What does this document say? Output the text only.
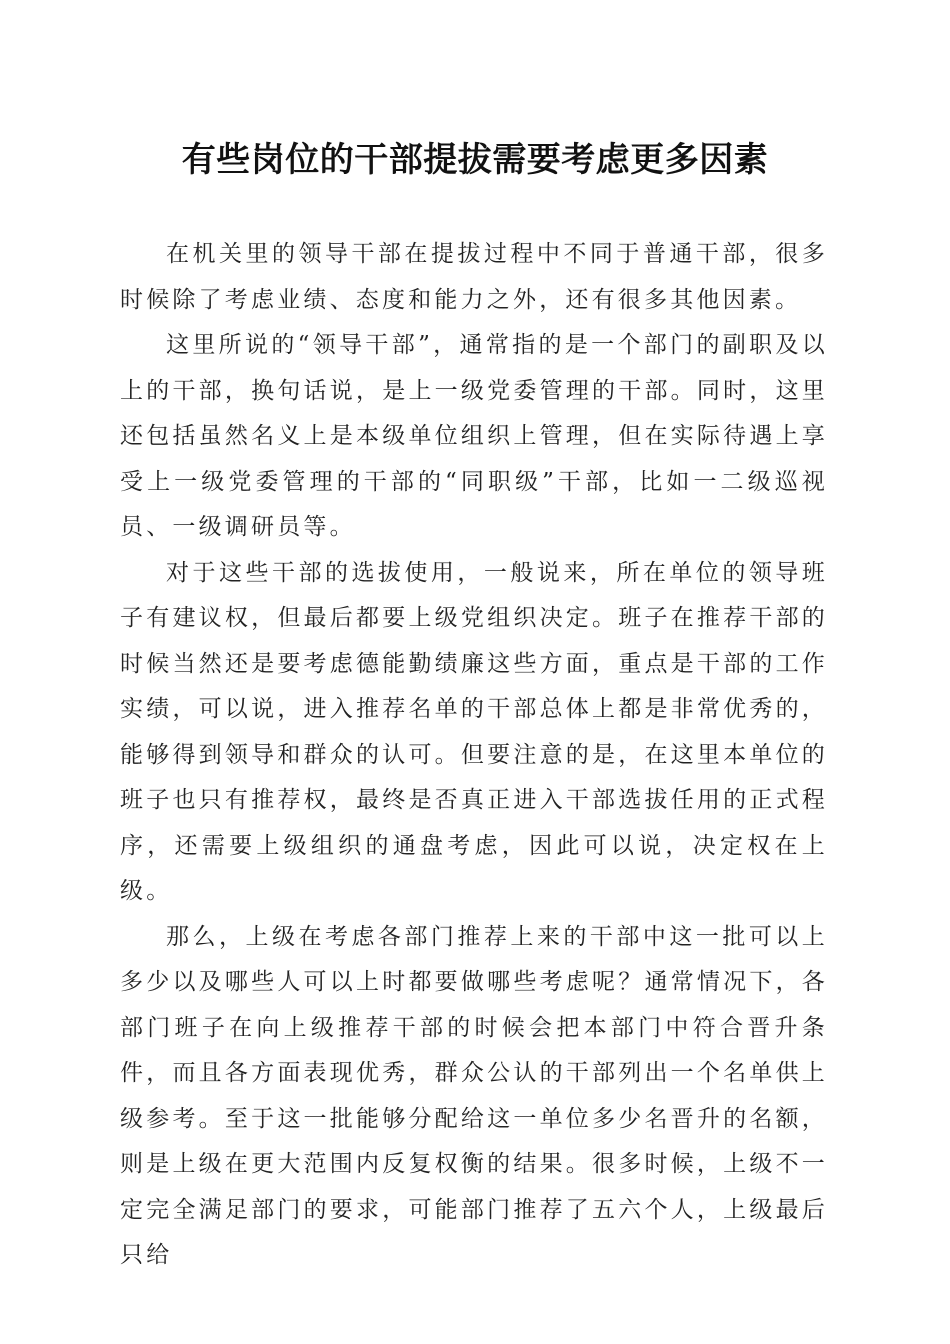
有些岗位的干部提拔需要考虑更多因素

在机关里的领导干部在提拔过程中不同于普通干部，很多时候除了考虑业绩、态度和能力之外，还有很多其他因素。

这里所说的“领导干部”，通常指的是一个部门的副职及以上的干部，换句话说，是上一级党委管理的干部。同时，这里还包括虽然名义上是本级单位组织上管理，但在实际待遇上享受上一级党委管理的干部的“同职级”干部，比如一二级巡视员、一级调研员等。

对于这些干部的选拔使用，一般说来，所在单位的领导班子有建议权，但最后都要上级党组织决定。班子在推荐干部的时候当然还是要考虑德能勤绩廉这些方面，重点是干部的工作实绩，可以说，进入推荐名单的干部总体上都是非常优秀的，能够得到领导和群众的认可。但要注意的是，在这里本单位的班子也只有推荐权，最终是否真正进入干部选拔任用的正式程序，还需要上级组织的通盘考虑，因此可以说，决定权在上级。

那么，上级在考虑各部门推荐上来的干部中这一批可以上多少以及哪些人可以上时都要做哪些考虑呢？通常情况下，各部门班子在向上级推荐干部的时候会把本部门中符合晋升条件，而且各方面表现优秀，群众公认的干部列出一个名单供上级参考。至于这一批能够分配给这一单位多少名晋升的名额，则是上级在更大范围内反复权衡的结果。很多时候，上级不一定完全满足部门的要求，可能部门推荐了五六个人，上级最后只给
